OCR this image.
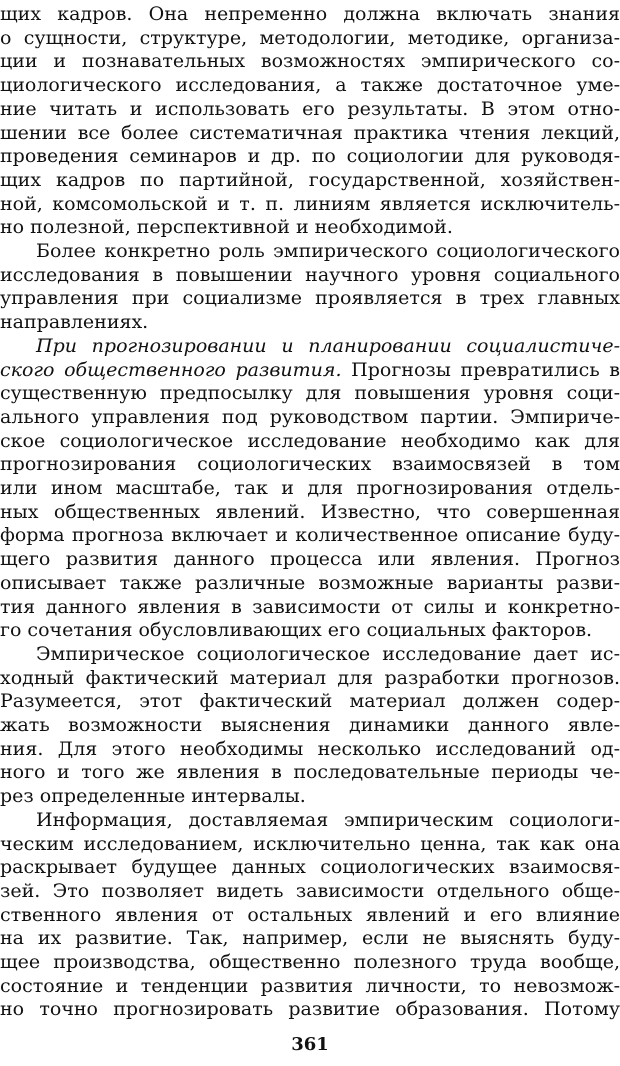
щих кадров. Она непременно должна включать знания
о сущности, структуре, методологии, методике, организа-
ции и познавательных возможностях эмпирического со-
циологического исследования, а также достаточное уме-
ние читать и использовать его результаты. В этом отно-
шении все более систематичная практика чтения лекций,
проведения семинаров и др. по социологии для руководя-
щих кадров по партийной, государственной, хозяйствен-
ной, комсомольской и т. п. линиям является исключитель-
но полезной, перспективной и необходимой.
Более конкретно роль эмпирического социологического
исследования в повышении научного уровня социального
управления при социализме проявляется в трех главных
направлениях.
При прогнозировании и планировании социалистиче-
ского общественного развития. Прогнозы превратились в
существенную предпосылку для повышения уровня соци-
ального управления под руководством партии. Эмпириче-
ское социологическое исследование необходимо как для
прогнозирования социологических взаимосвязей в том
или ином масштабе, так и для прогнозирования отдель-
ных общественных явлений. Известно, что совершенная
форма прогноза включает и количественное описание буду-
щего развития данного процесса или явления. Прогноз
описывает также различные возможные варианты разви-
тия данного явления в зависимости от силы и конкретно-
го сочетания обусловливающих его социальных факторов.
Эмпирическое социологическое исследование дает ис-
ходный фактический материал для разработки прогнозов.
Разумеется, этот фактический материал должен содер-
жать возможности выяснения динамики данного явле-
ния. Для этого необходимы несколько исследований од-
ного и того же явления в последовательные периоды че-
рез определенные интервалы.
Информация, доставляемая эмпирическим социологи-
ческим исследованием, исключительно ценна, так как она
раскрывает будущее данных социологических взаимосвя-
зей. Это позволяет видеть зависимости отдельного обще-
ственного явления от остальных явлений и его влияние
на их развитие. Так, например, если не выяснять буду-
щее производства, общественно полезного труда вообще,
состояние и тенденции развития личности, то невозмож-
но точно прогнозировать развитие образования. Потому
361
